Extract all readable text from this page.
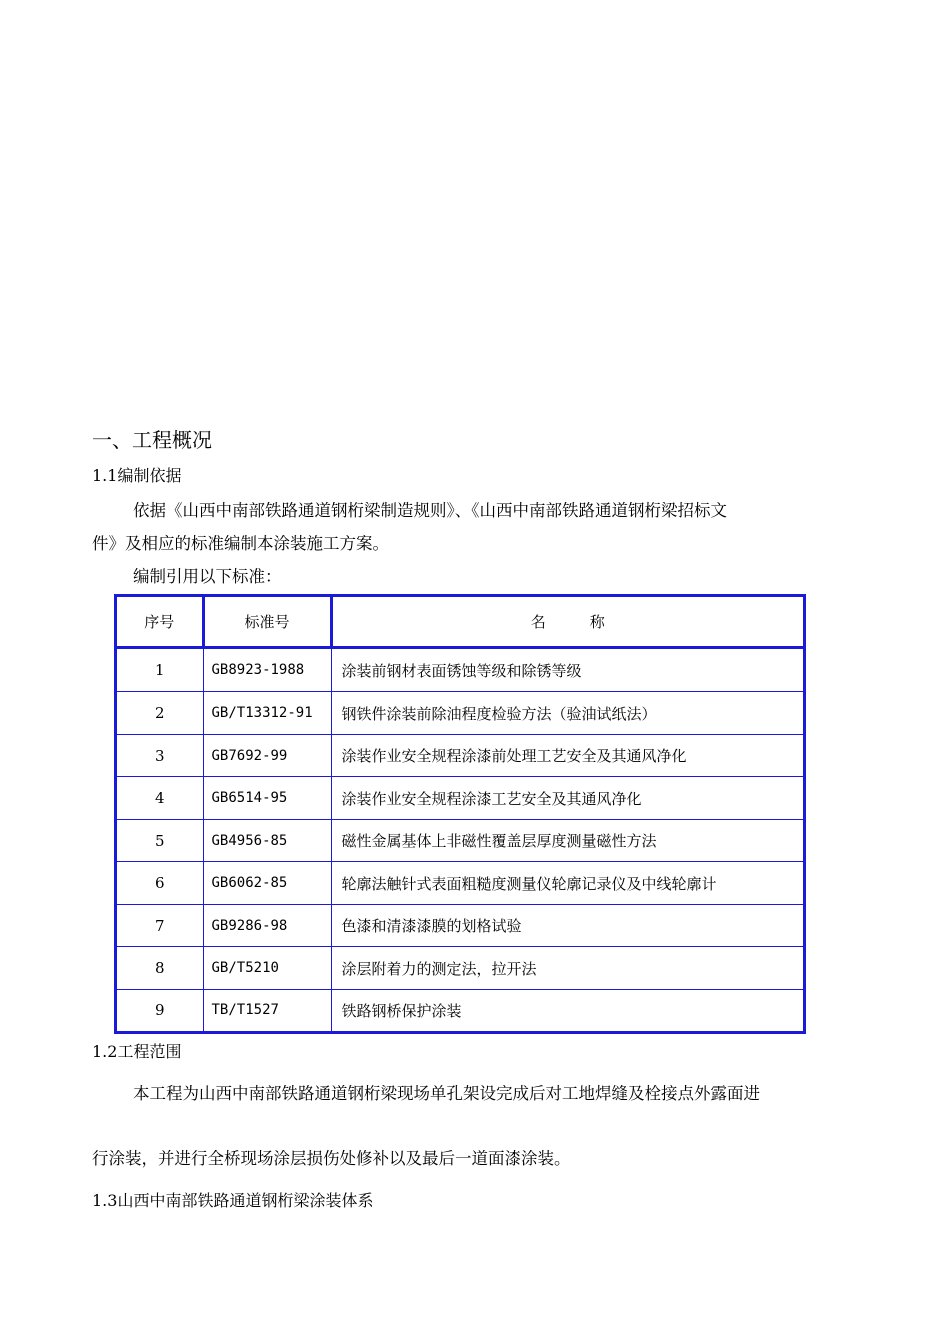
一、工程概况
1.1编制依据
依据《山西中南部铁路通道钢桁梁制造规则》、《山西中南部铁路通道钢桁梁招标文
件》及相应的标准编制本涂装施工方案。
编制引用以下标准：
序号	标准号	名 称
1	GB8923-1988	涂装前钢材表面锈蚀等级和除锈等级
2	GB/T13312-91	钢铁件涂装前除油程度检验方法（验油试纸法）
3	GB7692-99	涂装作业安全规程涂漆前处理工艺安全及其通风净化
4	GB6514-95	涂装作业安全规程涂漆工艺安全及其通风净化
5	GB4956-85	磁性金属基体上非磁性覆盖层厚度测量磁性方法
6	GB6062-85	轮廓法触针式表面粗糙度测量仪轮廓记录仪及中线轮廓计
7	GB9286-98	色漆和清漆漆膜的划格试验
8	GB/T5210	涂层附着力的测定法，拉开法
9	TB/T1527	铁路钢桥保护涂装
1.2工程范围
本工程为山西中南部铁路通道钢桁梁现场单孔架设完成后对工地焊缝及栓接点外露面进
行涂装，并进行全桥现场涂层损伤处修补以及最后一道面漆涂装。
1.3山西中南部铁路通道钢桁梁涂装体系
